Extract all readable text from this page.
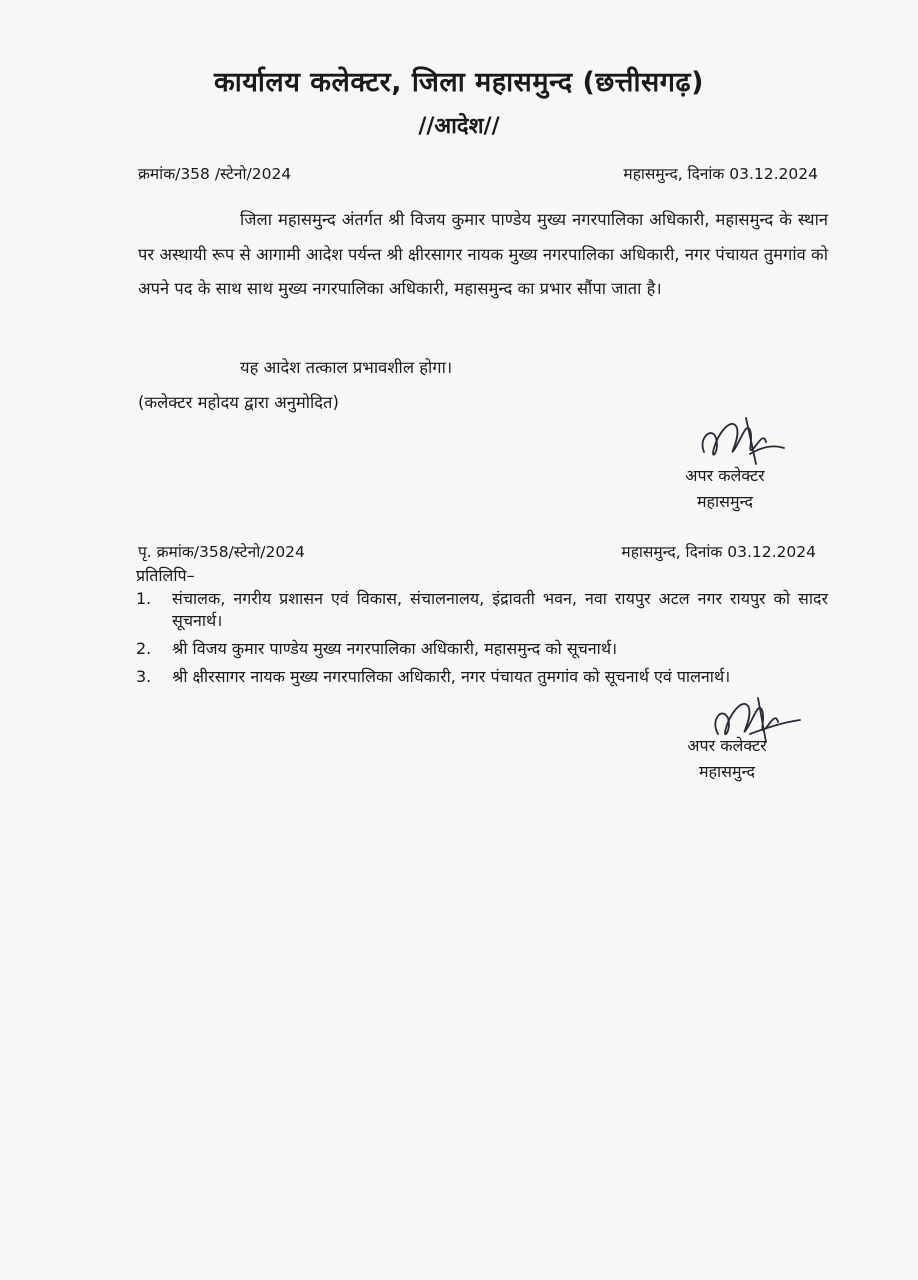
कार्यालय कलेक्टर, जिला महासमुन्द (छत्तीसगढ़)
//आदेश//
क्रमांक/358 /स्टेनो/2024	महासमुन्द, दिनांक 03.12.2024
जिला महासमुन्द अंतर्गत श्री विजय कुमार पाण्डेय मुख्य नगरपालिका अधिकारी, महासमुन्द के स्थान पर अस्थायी रूप से आगामी आदेश पर्यन्त श्री क्षीरसागर नायक मुख्य नगरपालिका अधिकारी, नगर पंचायत तुमगांव को अपने पद के साथ साथ मुख्य नगरपालिका अधिकारी, महासमुन्द का प्रभार सौंपा जाता है।
यह आदेश तत्काल प्रभावशील होगा।
(कलेक्टर महोदय द्वारा अनुमोदित)
अपर कलेक्टर
महासमुन्द
पृ. क्रमांक/358/स्टेनो/2024	महासमुन्द, दिनांक 03.12.2024
प्रतिलिपि–
1. संचालक, नगरीय प्रशासन एवं विकास, संचालनालय, इंद्रावती भवन, नवा रायपुर अटल नगर रायपुर को सादर सूचनार्थ।
2. श्री विजय कुमार पाण्डेय मुख्य नगरपालिका अधिकारी, महासमुन्द को सूचनार्थ।
3. श्री क्षीरसागर नायक मुख्य नगरपालिका अधिकारी, नगर पंचायत तुमगांव को सूचनार्थ एवं पालनार्थ।
अपर कलेक्टर
महासमुन्द
